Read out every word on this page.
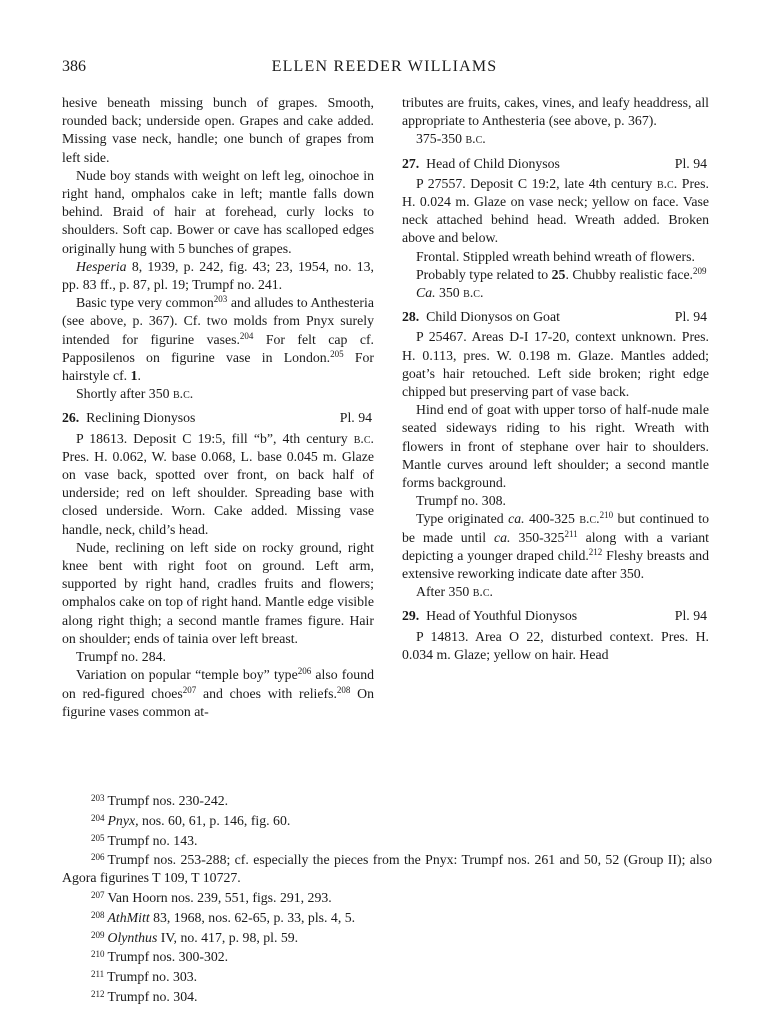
386	ELLEN REEDER WILLIAMS

hesive beneath missing bunch of grapes. Smooth, rounded back; underside open. Grapes and cake added. Missing vase neck, handle; one bunch of grapes from left side.

Nude boy stands with weight on left leg, oinochoe in right hand, omphalos cake in left; mantle falls down behind. Braid of hair at forehead, curly locks to shoulders. Soft cap. Bower or cave has scalloped edges originally hung with 5 bunches of grapes.

Hesperia 8, 1939, p. 242, fig. 43; 23, 1954, no. 13, pp. 83 ff., p. 87, pl. 19; Trumpf no. 241.

Basic type very common$^{203}$ and alludes to Anthesteria (see above, p. 367). Cf. two molds from Pnyx surely intended for figurine vases.$^{204}$ For felt cap cf. Papposilenos on figurine vase in London.$^{205}$ For hairstyle cf. 1.

Shortly after 350 b.c.

26. Reclining Dionysos	Pl. 94

P 18613. Deposit C 19:5, fill “b”, 4th century b.c. Pres. H. 0.062, W. base 0.068, L. base 0.045 m. Glaze on vase back, spotted over front, on back half of underside; red on left shoulder. Spreading base with closed underside. Worn. Cake added. Missing vase handle, neck, child’s head.

Nude, reclining on left side on rocky ground, right knee bent with right foot on ground. Left arm, supported by right hand, cradles fruits and flowers; omphalos cake on top of right hand. Mantle edge visible along right thigh; a second mantle frames figure. Hair on shoulder; ends of tainia over left breast.

Trumpf no. 284.

Variation on popular “temple boy” type$^{206}$ also found on red-figured choes$^{207}$ and choes with reliefs.$^{208}$ On figurine vases common at-

tributes are fruits, cakes, vines, and leafy headdress, all appropriate to Anthesteria (see above, p. 367).

375-350 b.c.

27. Head of Child Dionysos	Pl. 94

P 27557. Deposit C 19:2, late 4th century b.c. Pres. H. 0.024 m. Glaze on vase neck; yellow on face. Vase neck attached behind head. Wreath added. Broken above and below.

Frontal. Stippled wreath behind wreath of flowers.

Probably type related to 25. Chubby realistic face.$^{209}$

Ca. 350 b.c.

28. Child Dionysos on Goat	Pl. 94

P 25467. Areas D-I 17-20, context unknown. Pres. H. 0.113, pres. W. 0.198 m. Glaze. Mantles added; goat’s hair retouched. Left side broken; right edge chipped but preserving part of vase back.

Hind end of goat with upper torso of half-nude male seated sideways riding to his right. Wreath with flowers in front of stephane over hair to shoulders. Mantle curves around left shoulder; a second mantle forms background.

Trumpf no. 308.

Type originated ca. 400-325 b.c.$^{210}$ but continued to be made until ca. $350-325^{211}$ along with a variant depicting a younger draped child.$^{212}$ Fleshy breasts and extensive reworking indicate date after 350.

After 350 b.c.

29. Head of Youthful Dionysos	Pl. 94

P 14813. Area O 22, disturbed context. Pres. H. 0.034 m. Glaze; yellow on hair. Head

$^{203}$ Trumpf nos. 230-242.

$^{204}$ Pnyx, nos. 60, 61, p. 146, fig. 60.

$^{205}$ Trumpf no. 143.

$^{206}$ Trumpf nos. 253-288; cf. especially the pieces from the Pnyx: Trumpf nos. 261 and 50, 52 (Group II); also Agora figurines T 109, T 10727.

$^{207}$ Van Hoorn nos. 239, 551, figs. 291, 293.

$^{208}$ AthMitt 83, 1968, nos. 62-65, p. 33, pls. 4, 5.

$^{209}$ Olynthus IV, no. 417, p. 98, pl. 59.

$^{210}$ Trumpf nos. 300-302.

$^{211}$ Trumpf no. 303.

$^{212}$ Trumpf no. 304.
